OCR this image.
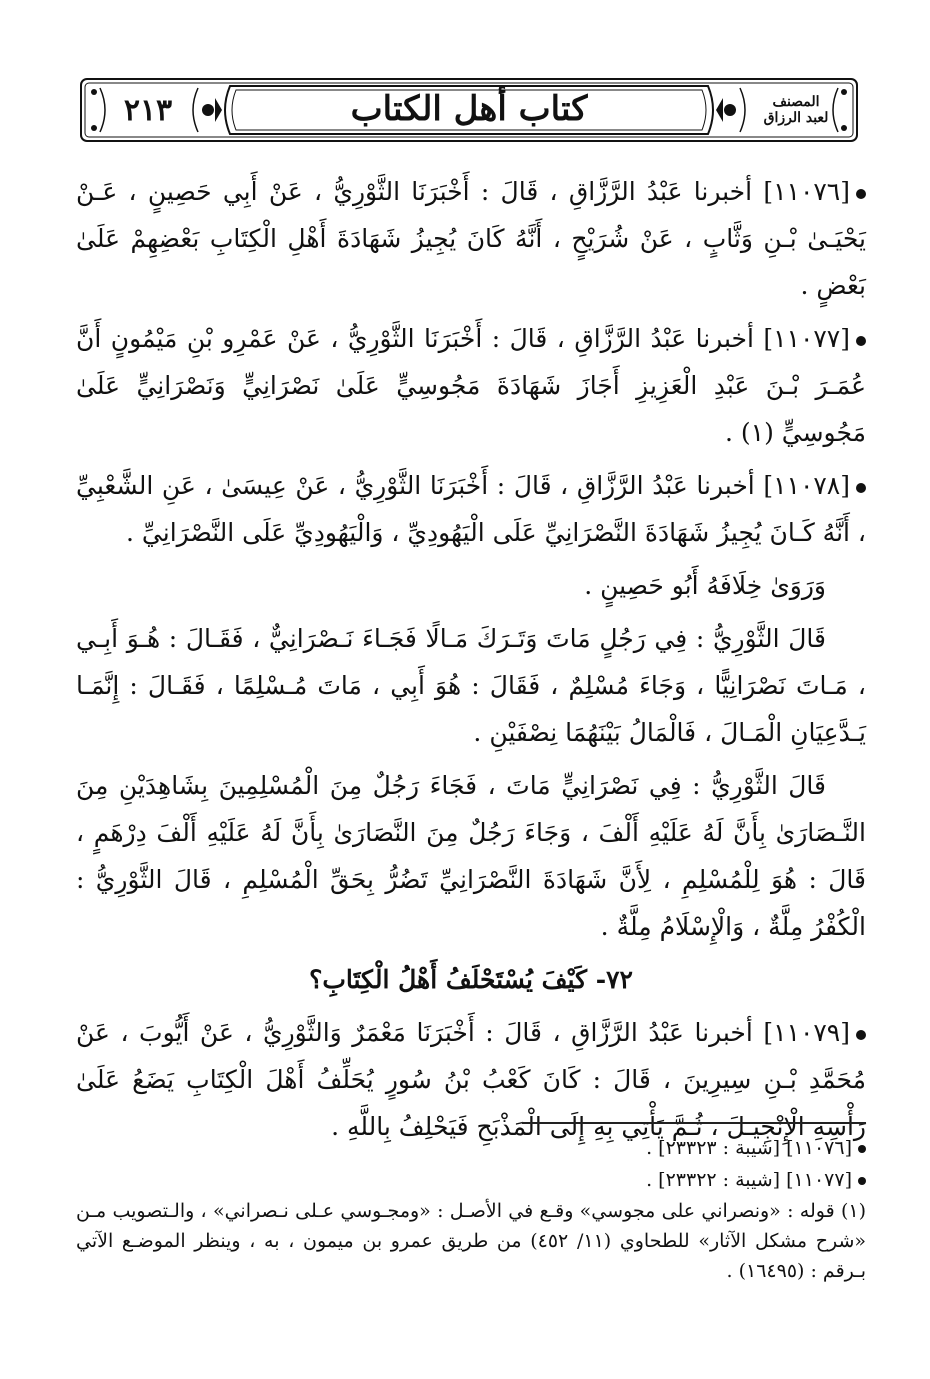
٢١٣	كتاب أهل الكتاب	المصنف
لعبد الرزاق

[١١٠٧٦] أخبرنا عَبْدُ الرَّزَّاقِ ، قَالَ : أَخْبَرَنَا الثَّوْرِيُّ ، عَنْ أَبِي حَصِينٍ ، عَـنْ يَحْيَـىٰ بْـنِ وَثَّابٍ ، عَنْ شُرَيْحٍ ، أَنَّهُ كَانَ يُجِيزُ شَهَادَةَ أَهْلِ الْكِتَابِ بَعْضِهِمْ عَلَىٰ بَعْضٍ .

[١١٠٧٧] أخبرنا عَبْدُ الرَّزَّاقِ ، قَالَ : أَخْبَرَنَا الثَّوْرِيُّ ، عَنْ عَمْرِو بْنِ مَيْمُونٍ أَنَّ عُمَـرَ بْـنَ عَبْدِ الْعَزِيزِ أَجَازَ شَهَادَةَ مَجُوسِيٍّ عَلَىٰ نَصْرَانِيٍّ وَنَصْرَانِيٍّ عَلَىٰ مَجُوسِيٍّ (١) .

[١١٠٧٨] أخبرنا عَبْدُ الرَّزَّاقِ ، قَالَ : أَخْبَرَنَا الثَّوْرِيُّ ، عَنْ عِيسَىٰ ، عَنِ الشَّعْبِيِّ ، أَنَّهُ كَـانَ يُجِيزُ شَهَادَةَ النَّصْرَانِيِّ عَلَى الْيَهُودِيِّ ، وَالْيَهُودِيِّ عَلَى النَّصْرَانِيِّ .

وَرَوَىٰ خِلَافَهُ أَبُو حَصِينٍ .

قَالَ الثَّوْرِيُّ : فِي رَجُلٍ مَاتَ وَتَـرَكَ مَـالًا فَجَـاءَ نَـصْرَانِيٌّ ، فَقَـالَ : هُـوَ أَبِـي ، مَـاتَ نَصْرَانِيًّا ، وَجَاءَ مُسْلِمٌ ، فَقَالَ : هُوَ أَبِي ، مَاتَ مُـسْلِمًا ، فَقَـالَ : إِنَّمَـا يَـدَّعِيَانِ الْمَـالَ ، فَالْمَالُ بَيْنَهُمَا نِصْفَيْنِ .

قَالَ الثَّوْرِيُّ : فِي نَصْرَانِيٍّ مَاتَ ، فَجَاءَ رَجُلٌ مِنَ الْمُسْلِمِينَ بِشَاهِدَيْنِ مِنَ النَّـصَارَىٰ بِأَنَّ لَهُ عَلَيْهِ أَلْفَ ، وَجَاءَ رَجُلٌ مِنَ النَّصَارَىٰ بِأَنَّ لَهُ عَلَيْهِ أَلْفَ دِرْهَمٍ ، قَالَ : هُوَ لِلْمُسْلِمِ ، لِأَنَّ شَهَادَةَ النَّصْرَانِيِّ تَضُرُّ بِحَقِّ الْمُسْلِمِ ، قَالَ الثَّوْرِيُّ : الْكُفْرُ مِلَّةٌ ، وَالْإِسْلَامُ مِلَّةٌ .

٧٢- كَيْفَ يُسْتَحْلَفُ أَهْلُ الْكِتَابِ؟

[١١٠٧٩] أخبرنا عَبْدُ الرَّزَّاقِ ، قَالَ : أَخْبَرَنَا مَعْمَرٌ وَالثَّوْرِيُّ ، عَنْ أَيُّوبَ ، عَنْ مُحَمَّدِ بْـنِ سِيرِينَ ، قَالَ : كَانَ كَعْبُ بْنُ سُورٍ يُحَلِّفُ أَهْلَ الْكِتَابِ يَضَعُ عَلَىٰ رَأْسِهِ الْإِنْجِيـلَ ، ثُـمَّ يَأْتِي بِهِ إِلَى الْمَذْبَحِ فَيَحْلِفُ بِاللَّهِ .

[١١٠٧٦] [شيبة : ٢٣٣٢٣] .

[١١٠٧٧] [شيبة : ٢٣٣٢٢] .

(١) قوله : «ونصراني على مجوسي» وقـع في الأصـل : «ومجـوسي عـلى نـصراني» ، والـتصويب مـن «شرح مشكل الآثار» للطحاوي (١١/ ٤٥٢) من طريق عمرو بن ميمون ، به ، وينظر الموضـع الآتي بـرقم : (١٦٤٩٥) .
